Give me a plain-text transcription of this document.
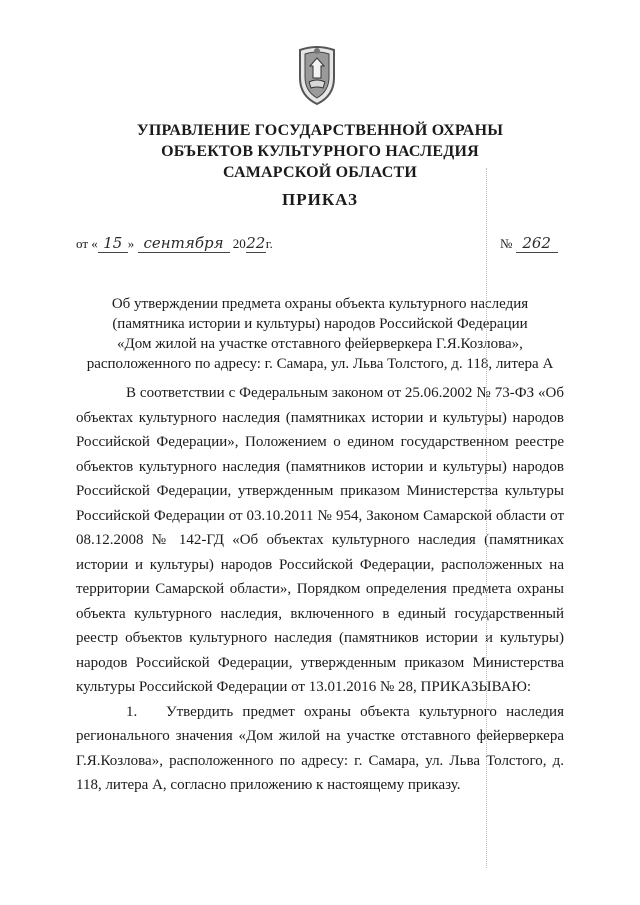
УПРАВЛЕНИЕ ГОСУДАРСТВЕННОЙ ОХРАНЫ
ОБЪЕКТОВ КУЛЬТУРНОГО НАСЛЕДИЯ
САМАРСКОЙ ОБЛАСТИ
ПРИКАЗ
от « 15 » сентября 2022г.	№ 262
Об утверждении предмета охраны объекта культурного наследия
(памятника истории и культуры) народов Российской Федерации
«Дом жилой на участке отставного фейерверкера Г.Я.Козлова»,
расположенного по адресу: г. Самара, ул. Льва Толстого, д. 118, литера А

В соответствии с Федеральным законом от 25.06.2002 № 73-ФЗ «Об объектах культурного наследия (памятниках истории и культуры) народов Российской Федерации», Положением о едином государственном реестре объектов культурного наследия (памятников истории и культуры) народов Российской Федерации, утвержденным приказом Министерства культуры Российской Федерации от 03.10.2011 № 954, Законом Самарской области от 08.12.2008 № 142-ГД «Об объектах культурного наследия (памятниках истории и культуры) народов Российской Федерации, расположенных на территории Самарской области», Порядком определения предмета охраны объекта культурного наследия, включенного в единый государственный реестр объектов культурного наследия (памятников истории и культуры) народов Российской Федерации, утвержденным приказом Министерства культуры Российской Федерации от 13.01.2016 № 28, ПРИКАЗЫВАЮ:

1. Утвердить предмет охраны объекта культурного наследия регионального значения «Дом жилой на участке отставного фейерверкера Г.Я.Козлова», расположенного по адресу: г. Самара, ул. Льва Толстого, д. 118, литера А, согласно приложению к настоящему приказу.
